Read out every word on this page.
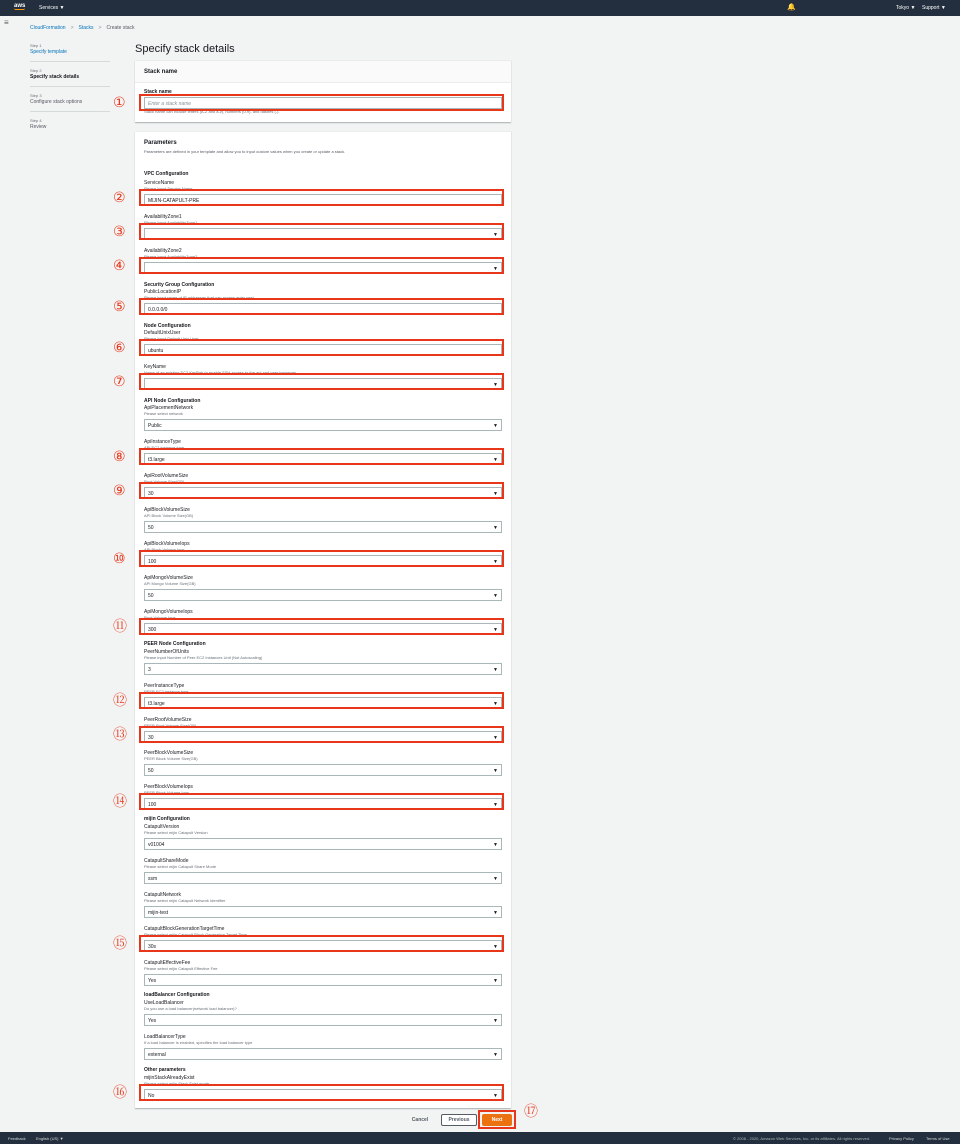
aws	Services ▼	🔔	Tokyo ▼ Support ▼
≡
CloudFormation > Stacks > Create stack
Step 1
Specify template
Step 2
Specify stack details
Step 3
Configure stack options
Step 4
Review
Specify stack details
Stack name
Stack name
Enter a stack name
Stack name can include letters (A-Z and a-z), numbers (0-9), and dashes (-).
①
Parameters
Parameters are defined in your template and allow you to input custom values when you create or update a stack.
VPC Configuration
ServiceName
Please Input Service Name
MIJIN-CATAPULT-PRE
AvailabilityZone1
Please Input AvailabilityZone1
▼
AvailabilityZone2
Please Input AvailabilityZone2
▼
Security Group Configuration
PublicLocationIP
Please input range of IP addresses that can access entry nest
0.0.0.0/0
Node Configuration
DefaultUnixUser
Please Input Default Unix User
ubuntu
KeyName
Name of an existing EC2 KeyPair to enable SSH access to the api and peer instances
▼
API Node Configuration
ApiPlacementNetwork
Please select network
Public	▼
ApiInstanceType
API EC2 instance type
t3.large	▼
ApiRootVolumeSize
Root Volume Size(GB)
30	▼
ApiBlockVolumeSize
API Block Volume Size(GB)
50	▼
ApiBlockVolumeIops
API Block Volume Iops
100	▼
ApiMongoVolumeSize
API Mongo Volume Size(GB)
50	▼
ApiMongoVolumeIops
Root Volume Iops
300	▼
PEER Node Configuration
PeerNumberOfUnits
Please input Number of Peer EC2 Instances Unit (Not Autoscaling)
3	▼
PeerInstanceType
PEER EC2 instance type
t3.large	▼
PeerRootVolumeSize
PEER Root Volume Size(GB)
30	▼
PeerBlockVolumeSize
PEER Block Volume Size(GB)
50	▼
PeerBlockVolumeIops
PEER Block Volume Iops
100	▼
mijin Configuration
CatapultVersion
Please select mijin Catapult Version
v01004	▼
CatapultShareMode
Please select mijin Catapult Share Mode
ssm	▼
CatapultNetwork
Please select mijin Catapult Network Identifier
mijin-test	▼
CatapultBlockGenerationTargetTime
Please select mijin Catapult Block Generation Target Time
30s	▼
CatapultEffectiveFee
Please select mijin Catapult Effective Fee
Yes	▼
loadBalancer Configuration
UseLoadBalancer
Do you use a load balancer(network load balancer)?
Yes	▼
LoadBalancerType
If a load balancer is enabled, specifies the load balancer type
external	▼
Other parameters
mijinStackAlreadyExist
Please select mijin Stack Exist mode
No	▼
Cancel	Previous	Next	⑰
Feedback	English (US) ▼	© 2008 - 2020, Amazon Web Services, Inc. or its affiliates. All rights reserved.	Privacy Policy	Terms of Use
②
③
④
⑤
⑥
⑦
⑧
⑨
⑩
⑪
⑫
⑬
⑭
⑮
⑯
